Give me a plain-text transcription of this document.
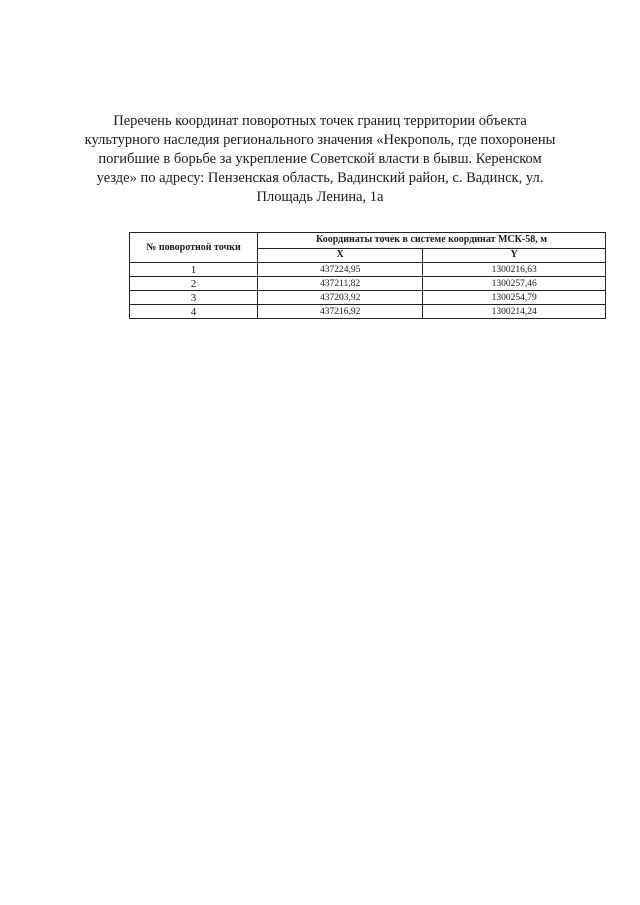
Перечень координат поворотных точек границ территории объекта
культурного наследия регионального значения «Некрополь, где похоронены
погибшие в борьбе за укрепление Советской власти в бывш. Керенском
уезде» по адресу: Пензенская область, Вадинский район, с. Вадинск, ул.
Площадь Ленина, 1а
№ поворотной точки	Координаты точек в системе координат МСК-58, м	
	X	Y
1	437224,95	1300216,63
2	437211,82	1300257,46
3	437203,92	1300254,79
4	437216,92	1300214,24
